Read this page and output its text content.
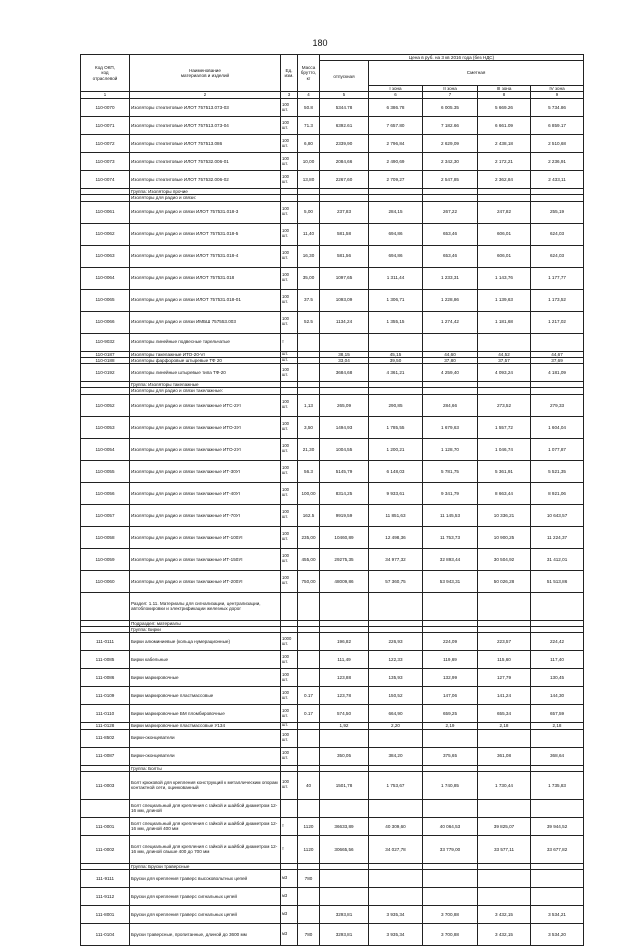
180
Код ОКП,
код
отраслевой	Наименование
материалов и изделий	Ед.
изм.	Масса
брутто,
кг	Цена в руб. на 3 кв 2016 года (без НДС)				
				отпускная	Сметная			
					I зона	II зона	III зона	IV зона
1	2	3	4	5	6	7	8	9
110-0070	Изоляторы стеатитовые ИЛОТ 757513.073-03	100 шт.	50.8	5344.78	6 386.78	6 005.35	5 669.26	5 734.86
110-0071	Изоляторы стеатитовые ИЛОТ 757513.073-04	100 шт.	71.3	6392.61	7 657.80	7 182.66	6 661.09	6 859.17
110-0072	Изоляторы стеатитовые ИЛОТ 757513.086	100 шт.	6,80	2339,90	2 796,84	2 629,09	2 438,18	2 510,68
110-0073	Изоляторы стеатитовые ИЛОТ 757532.006-01	100 шт.	10,00	2084,66	2 490,69	2 342,30	2 172,21	2 236,91
110-0074	Изоляторы стеатитовые ИЛОТ 757532.006-02	100 шт.	13,80	2267,60	2 709,27	2 547,85	2 362,84	2 433,11
	Группа: Изоляторы прочие							
	Изоляторы для радио и связи:							
110-0061	Изоляторы для радио и связи ИЛОТ 757531.018-3	100 шт.	5,00	237,83	284,15	267,22	247,82	255,19
110-0062	Изоляторы для радио и связи ИЛОТ 757531.018-5	100 шт.	11,40	581,58	694,86	653,46	606,01	624,03
110-0063	Изоляторы для радио и связи ИЛОТ 757531.018-4	100 шт.	16,30	581,56	694,86	653,46	606,01	624,03
110-0064	Изоляторы для радио и связи ИЛОТ 757531.018	100 шт.	35,00	1097,65	1 311,44	1 233,31	1 143,76	1 177,77
110-0065	Изоляторы для радио и связи ИЛОТ 757531.018-01	100 шт.	37.5	1093,09	1 306,71	1 228,86	1 139,63	1 173,52
110-0066	Изоляторы для радио и связи ИМБШ 757553.003	100 шт.	52.5	1134,24	1 355,15	1 274,42	1 181,68	1 217,02
110-9032	Изоляторы линейные подвесные тарельчатые	т						
110-0187	Изоляторы такелажные ИТО-20-VI	шт.		38,15	45,15	44,60	44,52	44,67
110-0188	Изоляторы фарфоровые штыревые ТФ 20	шт.		33,04	39,50	37,80	37,57	37,69
110-0192	Изоляторы линейные штыревые типа ТФ-20	100 шт.		3684,68	4 361,21	4 259,40	4 093,24	4 181,09
	Группа: Изоляторы такелажные							
	Изоляторы для радио и связи такелажные:							
110-0052	Изоляторы для радио и связи такелажные ИТС-2УI	100 шт.	1,13	265,09	290,85	284,66	273,52	279,33
110-0053	Изоляторы для радио и связи такелажные ИТО-3УI	100 шт.	3,50	1494,93	1 785,55	1 679,63	1 557,72	1 604,04
110-0054	Изоляторы для радио и связи такелажные ИТО-2УI	100 шт.	21,30	1004,55	1 200,21	1 128,70	1 046,74	1 077,87
110-0055	Изоляторы для радио и связи такелажные ИТ-30УI	100 шт.	56.3	5145,79	6 148,03	5 781,75	5 361,91	5 521,35
110-0056	Изоляторы для радио и связи такелажные ИТ-40УI	100 шт.	100,00	8314,25	9 933,61	9 341,79	8 663,44	8 921,06
110-0057	Изоляторы для радио и связи такелажные ИТ-70УI	100 шт.	162.5	9919,59	11 851,63	11 145,53	10 336,21	10 643,57
110-0058	Изоляторы для радио и связи такелажные ИТ-100УI	100 шт.	235,00	10460,89	12 498,36	11 753,73	10 900,25	11 224,37
110-0059	Изоляторы для радио и связи такелажные ИТ-150УI	100 шт.	455,00	29275,35	34 977,32	32 893,44	30 504,92	31 412,01
110-0060	Изоляторы для радио и связи такелажные ИТ-200УI	100 шт.	750,00	48009,86	57 360,75	53 943,31	50 026,28	51 513,86
	Раздел: 1.11. Материалы для сигнализации, централизации, автоблокировки и электрификации железных дорог							
	Подраздел: материалы							
	Группа: Бирки							
111-0111	Бирки алюминиевые (кольца нумерационные)	1000 шт.		196,82	226,93	224,09	223,57	224,42
111-0085	Бирки кабельные	100 шт.		111,49	122,33	119,69	115,60	117,40
111-0086	Бирки маркировочные	100 шт.		123,88	135,93	132,99	127,79	130,45
111-0109	Бирки маркировочные пластмассовые	100 шт.	0.17	123,78	150,52	147,06	141,24	144,30
111-0110	Бирки маркировочные БМ пломбировочные	100 шт.	0.17	574,50	664,90	659,25	655,34	657,59
111-0128	Бирки маркировочные пластмассовые У134	шт.		1,92	2,20	2,19	2,18	2,18
111-8502	Бирки-оконцеватели	100 шт.						
111-0087	Бирки-оконцеватели	100 шт.		350,05	384,20	375,65	361,08	368,64
	Группа: Болты							
111-0003	Болт крюковой для крепления конструкций к металлическим опорам контактной сети, оцинкованный	100 шт.	40	1501,78	1 753,67	1 740,85	1 730,44	1 735,83
	Болт специальный для крепления с гайкой и шайбой диаметром 12-16 мм, длиной							
111-0001	Болт специальный для крепления с гайкой и шайбой диаметром 12-16 мм, длиной 400 мм	т	1120	36633,89	40 309,60	40 064,53	39 825,07	39 944,52
111-0002	Болт специальный для крепления с гайкой и шайбой диаметром 12-16 мм, длиной свыше 400 до 700 мм	т	1120	30665,56	34 027,78	33 779,00	33 577,11	33 677,82
	Группа: Бруски траверсные							
111-9111	Бруски для крепления траверс высоковольтных цепей	м3	780					
111-9112	Бруски для крепления траверс сигнальных цепей	м3						
111-8001	Бруски для крепления траверс сигнальных цепей	м3		3293,81	3 935,34	3 700,88	3 432,15	3 534,21
111-0104	Бруски траверсные, пропитанные, длиной до 3600 мм	м3	780	3293,81	3 935,34	3 700,88	3 432,15	3 534,20
